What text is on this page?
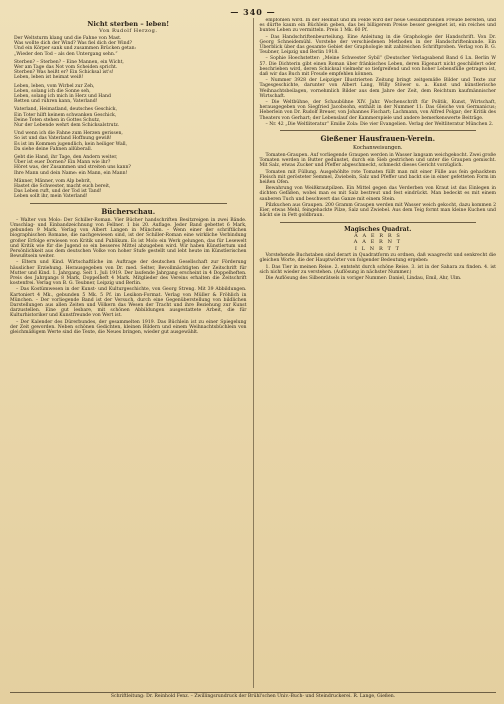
— 340 —
Nicht sterben – leben!
Von Rudolf Herzog.
Der Weltsturm klang und die Fahne von Mast.
Was wollte dich der Wind? Was fiel dich der Wind?
Und ein Körper sank und zusammen Brücken getan:
„Wieder den Tod – als den Untergang sehn.“
Sterben? – Sterben? – Eine Mannen, ein Wicht,
Wer am Tage das Not vom Scheiden spricht.
Sterben? Was heißt er? Ein Schicksal ist's!
Leben, leben ist heimat weiß!
Leben, leben, vom Wirbel zur Zeh,
Leben, solang ich die Sonne seh,
Leben, solang ich mich in Herz und Hand
Retten und rühren kann, Vaterland!
Vaterland, Heimatland, deutsches Geschick,
Ein Toter hilft keinem schwanken Geschick,
Deine Toten stehen in Gottes Schutz,
Nur der Lebende wehrt dem Schicksalstrutz.
Und wenn ich die Fahne zum Herzen gerissen,
So ist und das Vaterland Hoffnung gewiß!
Es ist im Kommen jugendlich, kein heiliger Wall,
Da siehe deine Fahnen allüberall.
Gebt die Hand, ihr Tage, den Andern weiter,
Über ist euer Dornen? Ein Mann wie ihr?
Höret was, der Zusammen und streiten uns kann?
Ihre Mann und dein Name: ein Mann, ein Mann!
Männer, Männer, vom Alp bebrit,
Hastet die Schwester, macht euch bereit,
Das Leben ruft, und der Tod ist Tand!
Leben sollt ihr, mein Vaterland!
Bücherschau.
– Walter von Molo: Der Schiller-Roman. Vier Bücher handschriften Besitzreigen in zwei Bände. Umschlag- und Einbandzeichnung von Fellner. 1 bis 20. Auflage. Jeder Band gebettet 6 Mark, gebunden 9 Mark. Verlag von Albert Langen in München. – Wenn einer der schriftlichen biographischen Romane, die nachgewiesen sind, ist der Schiller-Roman eine wirkliche Verbindung großer Erfolge erwiesen von Kritik und Publikum. Es ist Molo ein Werk gelungen, das für Lesewelt und Kritik wie für die Jugend so ein besseres Mittel abzugeben wird. Wir haben Künstlertum und Persönlichkeit aus dem deutschen Volke von hoher Stufe gestellt und lebt heute im Künstlerischen Bewußtsein weiter.
– Eltern und Kind. Wirtschaftliche im Auftrage der deutschen Gesellschaft zur Förderung häuslicher Erziehung. Herausgegeben von Dr. med. Selter, Bevollmächtigten der Zeitschrift für Mutter und Kind. 1. Jahrgang. Seit 1. Juli 1919. Der laufende Jahrgang erscheint in 4 Doppelheften. Preis des Jahrgangs 8 Mark, Doppelheft 4 Mark. Mitglieder des Vereins erhalten die Zeitschrift kostenfrei. Verlag von B. G. Teubner, Leipzig und Berlin.
– Das Kostümwesen in der Kunst- und Kulturgeschichte, von Georg Streng. Mit 39 Abbildungen. Kartoniert 4 Mk., gebunden 5 Mk. 5 Pf. im Lexikon-Format. Verlag von Müller & Fröhlich in München. – Der vorliegende Band ist der Versuch, durch eine Gegenüberstellung von bildlichen Darstellungen aus allen Zeiten und Völkern das Wesen der Tracht und ihre Beziehung zur Kunst darzustellen. Eine gut lesbare, mit schönen Abbildungen ausgestattete Arbeit, die für Kulturhistoriker und Kunstfreunde von Wert ist.
– Der Kalender des Dürerbundes, der gesammelten 1919. Das Büchlein ist zu einer Spiegelung der Zeit geworden. Neben schönen Gedichten, kleinen Bildern und einem Weihnachtsbüchlein von gleichmäßigem Werte sind die Texte, die Neues bringen, wieder gut ausgewählt.
empfohlen wird. In der Heimat und im Felde wird der neue Gesundbrunnen Freude bereiten, und es dürfte kaum ein Büchlein geben, das bei billigerem Preise besser geeignet ist, ein reiches und buntes Leben zu vermitteln. Preis 1 Mk. 60 Pf.
– Das Handschriftenbeurteilung. Eine Anleitung in die Graphologie der Handschrift. Von Dr. Georg Schneidemühl. Vorstehe der verschiedenen Methoden in der Handschriftenkunde. Ein Überblick über das gesamte Gebiet der Graphologie mit zahlreichen Schriftproben. Verlag von B. G. Teubner, Leipzig und Berlin 1918.
– Sophie Hoechstetter: „Meine Schwester Sybil“ (Deutscher Verlagsabend Band 6 Ln. Berlin W 57. Die Dichterin gibt einen Roman über fränkisches Leben, deren Eigenart nicht geschildert oder beschrieben wird, deren Schicksal vielmehr so tiefgreifend und von hoher Lebensfülle getragen ist, daß wir das Buch mit Freude empfehlen können.
– Nummer 3928 der Leipziger Illustrierten Zeitung bringt zeitgemäße Bilder und Texte zur Tagesgeschichte, darunter von Albert Lang, Willy Stöwer u. a. Kunst und künstlerische Weihnachtsbeilagen, vornehmlich Bilder aus dem Jahre der Zeit, dem Reichtum kaufmännischer Wirtschaft.
– Die Weltbühne, der Schaubühne XIV. Jahr. Wochenschrift für Politik, Kunst, Wirtschaft, herausgegeben von Siegfried Jacobsohn, enthält in der Nummer 11: Das Gleiche von Germanicus; Heberlein von Dr. Rudolf Breuer, von Johannes Fischart; Lachmann, von Alfred Polgar; der Kritik des Theaters von Gerhart; der Lebenslauf der Kammerspiele und andere bemerkenswerte Beiträge.
– Nr. 42 „Die Weltliteratur“ Emilie Zola: Die vier Evangelien. Verlag der Weltliteratur München 2.
Gießener Hausfrauen-Verein.
Kochanweisungen.
Tomaten-Graupen. Auf vorliegende Graupen werden in Wasser langsam weichgekocht. Zwei große Tomaten werden in Butter gedünstet, durch ein Sieb gestrichen und unter die Graupen gemischt. Mit Salz, etwas Zucker und Pfeffer abgeschmeckt, schmeckt dieses Gericht vorzüglich.
Tomaten mit Füllung. Ausgehöhlte rote Tomaten füllt man mit einer Fülle aus fein gehacktem Fleisch mit gerösteter Semmel, Zwiebeln, Salz und Pfeffer und backt sie in einer gefetteten Form im heißen Ofen.
Bewahrung von Weißkrautpilzen. Ein Mittel gegen das Verderben von Kraut ist das Einlegen in dichten Gefäßen, wobei man es mit Salz bestreut und fest eindrückt. Man bedeckt es mit einem sauberen Tuch und beschwert das Ganze mit einem Stein.
Pilzkuchen aus Graupen. 200 Gramm Graupen werden mit Wasser weich gekocht, dazu kommen 2 Eier, etwas Mehl, feingehackte Pilze, Salz und Zwiebel. Aus dem Teig formt man kleine Kuchen und bäckt sie in Fett goldbraun.
Magisches Quadrat.
A A E R R S
A A E R N T
I L N R T T
Vorstehende Buchstaben sind derart in Quadratform zu ordnen, daß waagrecht und senkrecht die gleichen Worte, die der Hauptwörter von folgender Bedeutung ergeben:
1. Das Tier in meinen Reise. 2. entsteht durch schöne Reise. 3. ist in der Sahara zu finden. 4. ist sich nicht wieder zu verstehen. (Auflösung in nächster Nummer.)
Die Auflösung des Silbenrätsels in voriger Nummer: Daniel, Lindau, Emil, Ahr, Ulm.
Schriftleitung: Dr. Reinhold Fenz. – Zwillingsrundruck der Brühl'schen Univ.-Buch- und Steindruckerei. R. Lange, Gießen.
